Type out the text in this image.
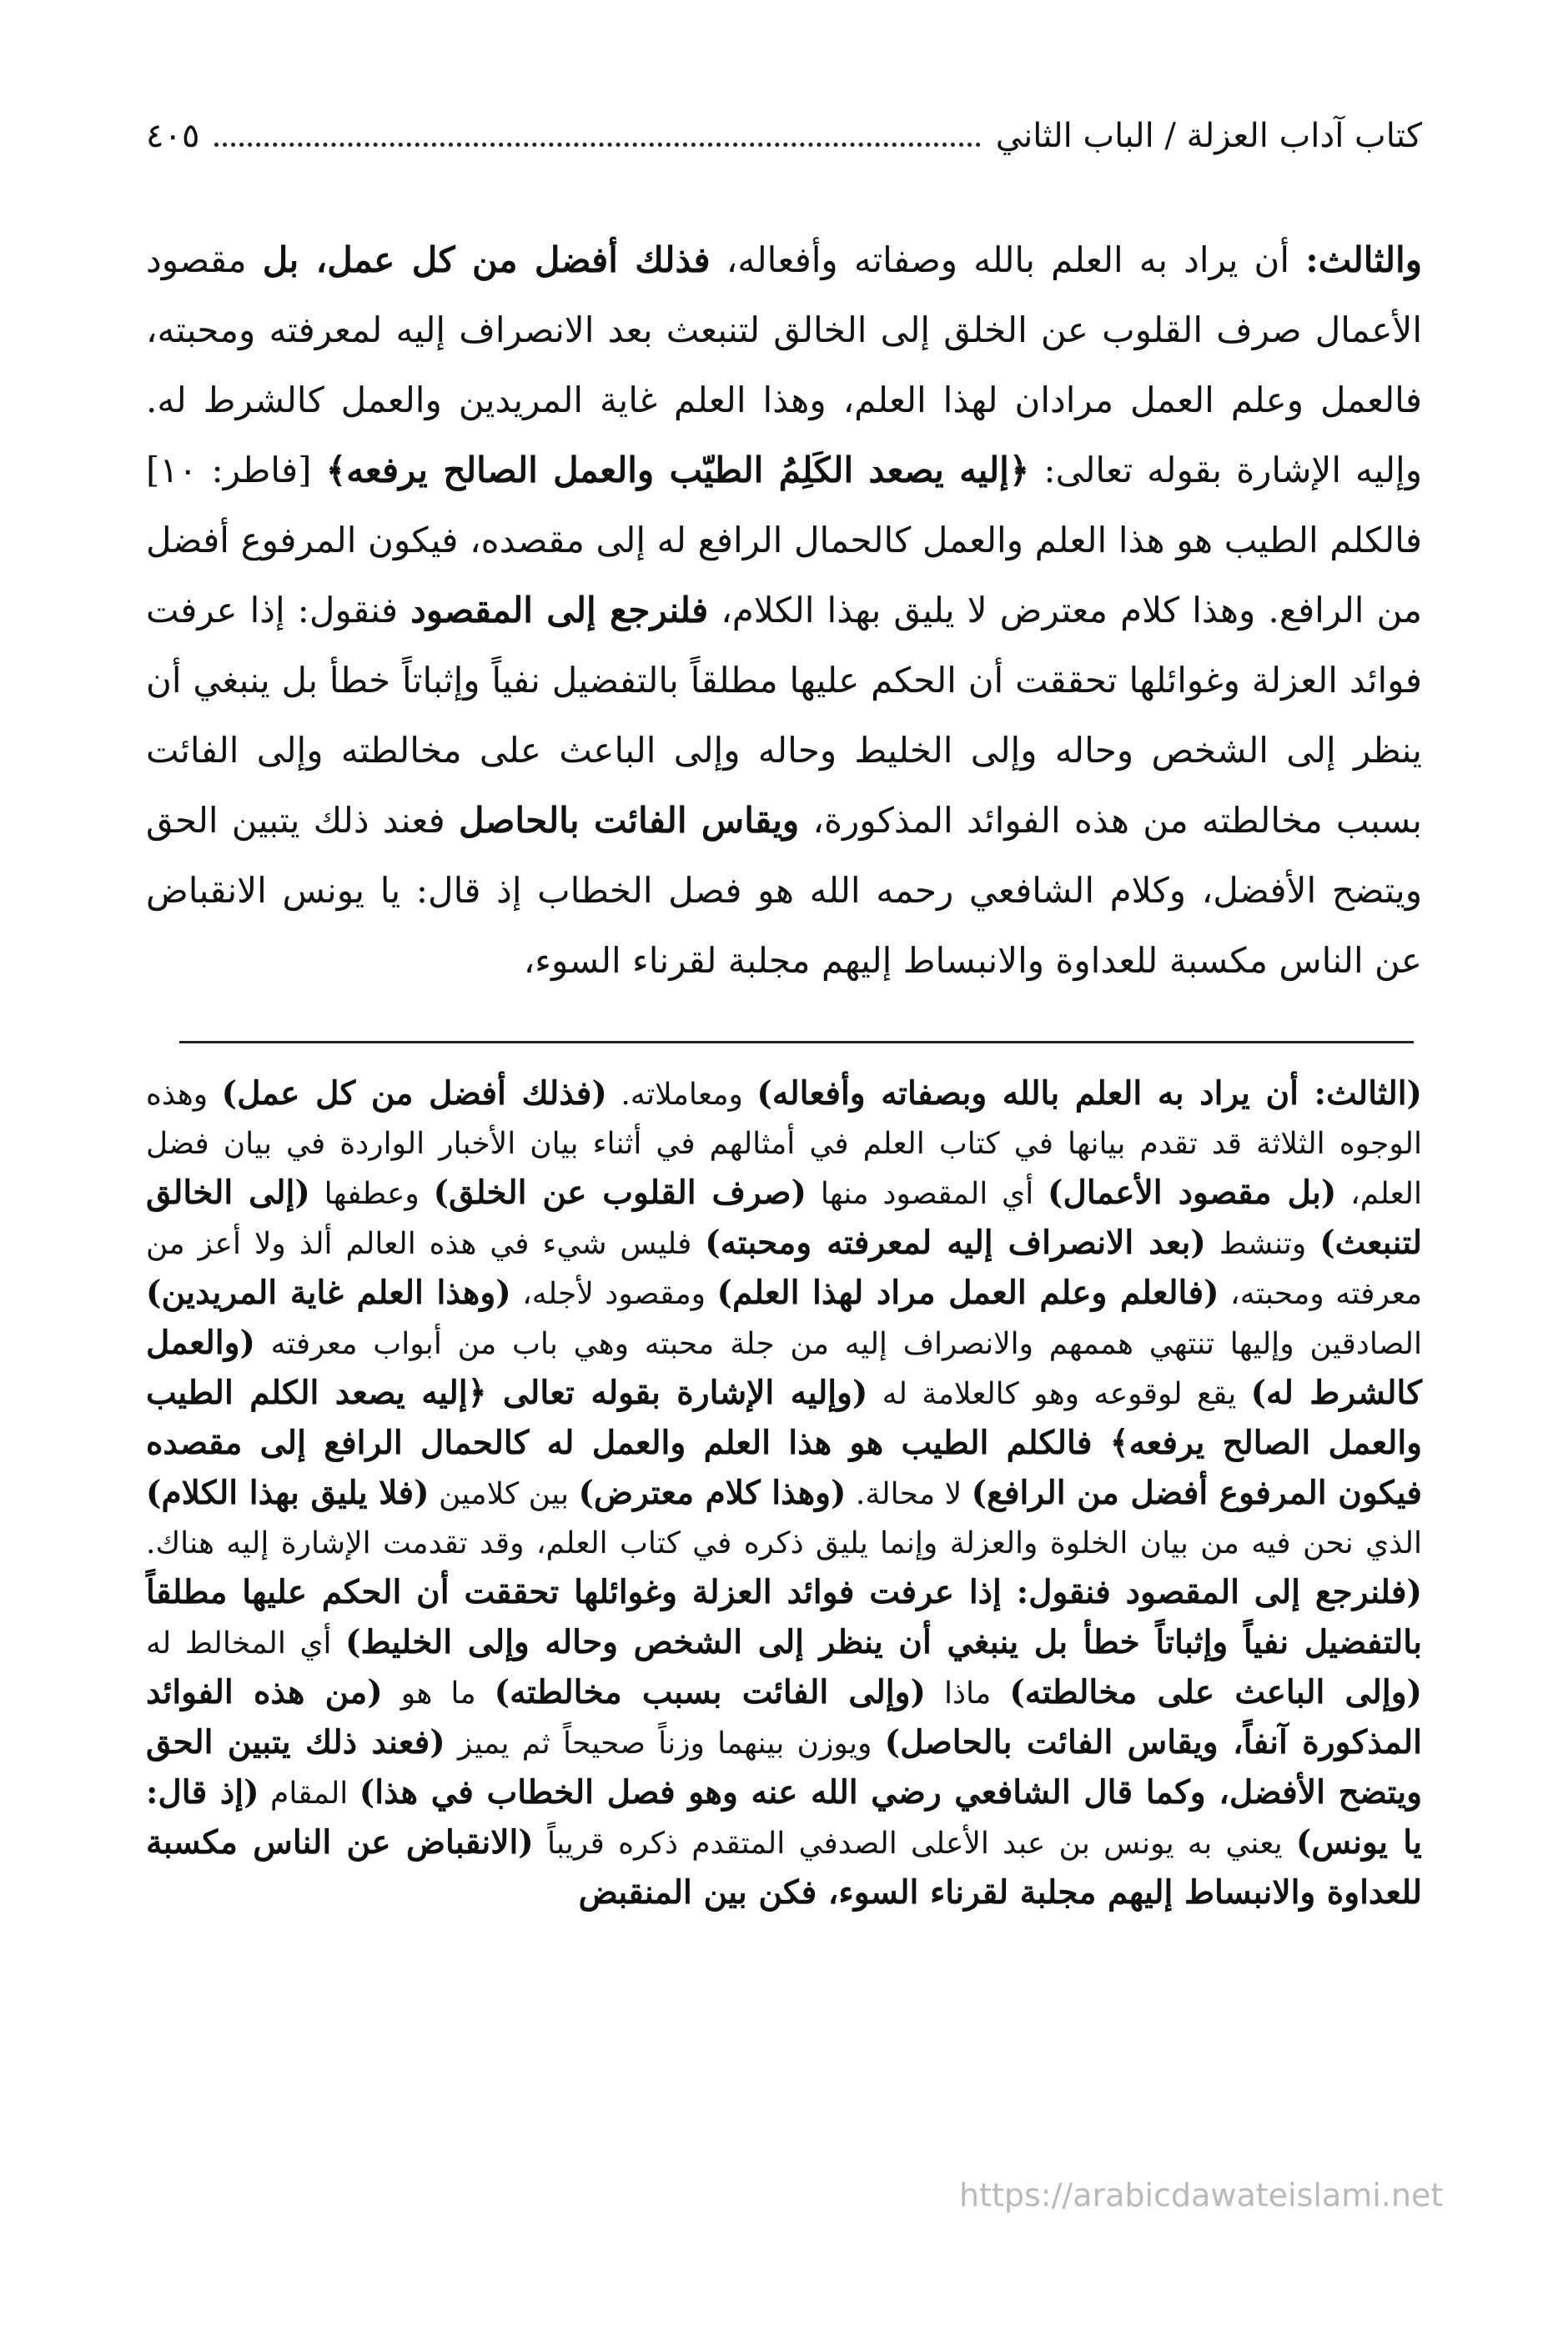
كتاب آداب العزلة / الباب الثاني
٤٠٥

والثالث: أن يراد به العلم بالله وصفاته وأفعاله، فذلك أفضل من كل عمل، بل مقصود الأعمال صرف القلوب عن الخلق إلى الخالق لتنبعث بعد الانصراف إليه لمعرفته ومحبته، فالعمل وعلم العمل مرادان لهذا العلم، وهذا العلم غاية المريدين والعمل كالشرط له. وإليه الإشارة بقوله تعالى: ﴿إليه يصعد الكَلِمُ الطيّب والعمل الصالح يرفعه﴾ [فاطر: ١٠] فالكلم الطيب هو هذا العلم والعمل كالحمال الرافع له إلى مقصده، فيكون المرفوع أفضل من الرافع. وهذا كلام معترض لا يليق بهذا الكلام، فلنرجع إلى المقصود فنقول: إذا عرفت فوائد العزلة وغوائلها تحققت أن الحكم عليها مطلقاً بالتفضيل نفياً وإثباتاً خطأ بل ينبغي أن ينظر إلى الشخص وحاله وإلى الخليط وحاله وإلى الباعث على مخالطته وإلى الفائت بسبب مخالطته من هذه الفوائد المذكورة، ويقاس الفائت بالحاصل فعند ذلك يتبين الحق ويتضح الأفضل، وكلام الشافعي رحمه الله هو فصل الخطاب إذ قال: يا يونس الانقباض عن الناس مكسبة للعداوة والانبساط إليهم مجلبة لقرناء السوء،

(الثالث: أن يراد به العلم بالله وبصفاته وأفعاله) ومعاملاته. (فذلك أفضل من كل عمل) وهذه الوجوه الثلاثة قد تقدم بيانها في كتاب العلم في أمثالهم في أثناء بيان الأخبار الواردة في بيان فضل العلم، (بل مقصود الأعمال) أي المقصود منها (صرف القلوب عن الخلق) وعطفها (إلى الخالق لتنبعث) وتنشط (بعد الانصراف إليه لمعرفته ومحبته) فليس شيء في هذه العالم ألذ ولا أعز من معرفته ومحبته، (فالعلم وعلم العمل مراد لهذا العلم) ومقصود لأجله، (وهذا العلم غاية المريدين) الصادقين وإليها تنتهي هممهم والانصراف إليه من جلة محبته وهي باب من أبواب معرفته (والعمل كالشرط له) يقع لوقوعه وهو كالعلامة له (وإليه الإشارة بقوله تعالى ﴿إليه يصعد الكلم الطيب والعمل الصالح يرفعه﴾ فالكلم الطيب هو هذا العلم والعمل له كالحمال الرافع إلى مقصده فيكون المرفوع أفضل من الرافع) لا محالة. (وهذا كلام معترض) بين كلامين (فلا يليق بهذا الكلام) الذي نحن فيه من بيان الخلوة والعزلة وإنما يليق ذكره في كتاب العلم، وقد تقدمت الإشارة إليه هناك. (فلنرجع إلى المقصود فنقول: إذا عرفت فوائد العزلة وغوائلها تحققت أن الحكم عليها مطلقاً بالتفضيل نفياً وإثباتاً خطأ بل ينبغي أن ينظر إلى الشخص وحاله وإلى الخليط) أي المخالط له (وإلى الباعث على مخالطته) ماذا (وإلى الفائت بسبب مخالطته) ما هو (من هذه الفوائد المذكورة آنفاً، ويقاس الفائت بالحاصل) ويوزن بينهما وزناً صحيحاً ثم يميز (فعند ذلك يتبين الحق ويتضح الأفضل، وكما قال الشافعي رضي الله عنه وهو فصل الخطاب في هذا) المقام (إذ قال: يا يونس) يعني به يونس بن عبد الأعلى الصدفي المتقدم ذكره قريباً (الانقباض عن الناس مكسبة للعداوة والانبساط إليهم مجلبة لقرناء السوء، فكن بين المنقبض

https://arabicdawateislami.net
